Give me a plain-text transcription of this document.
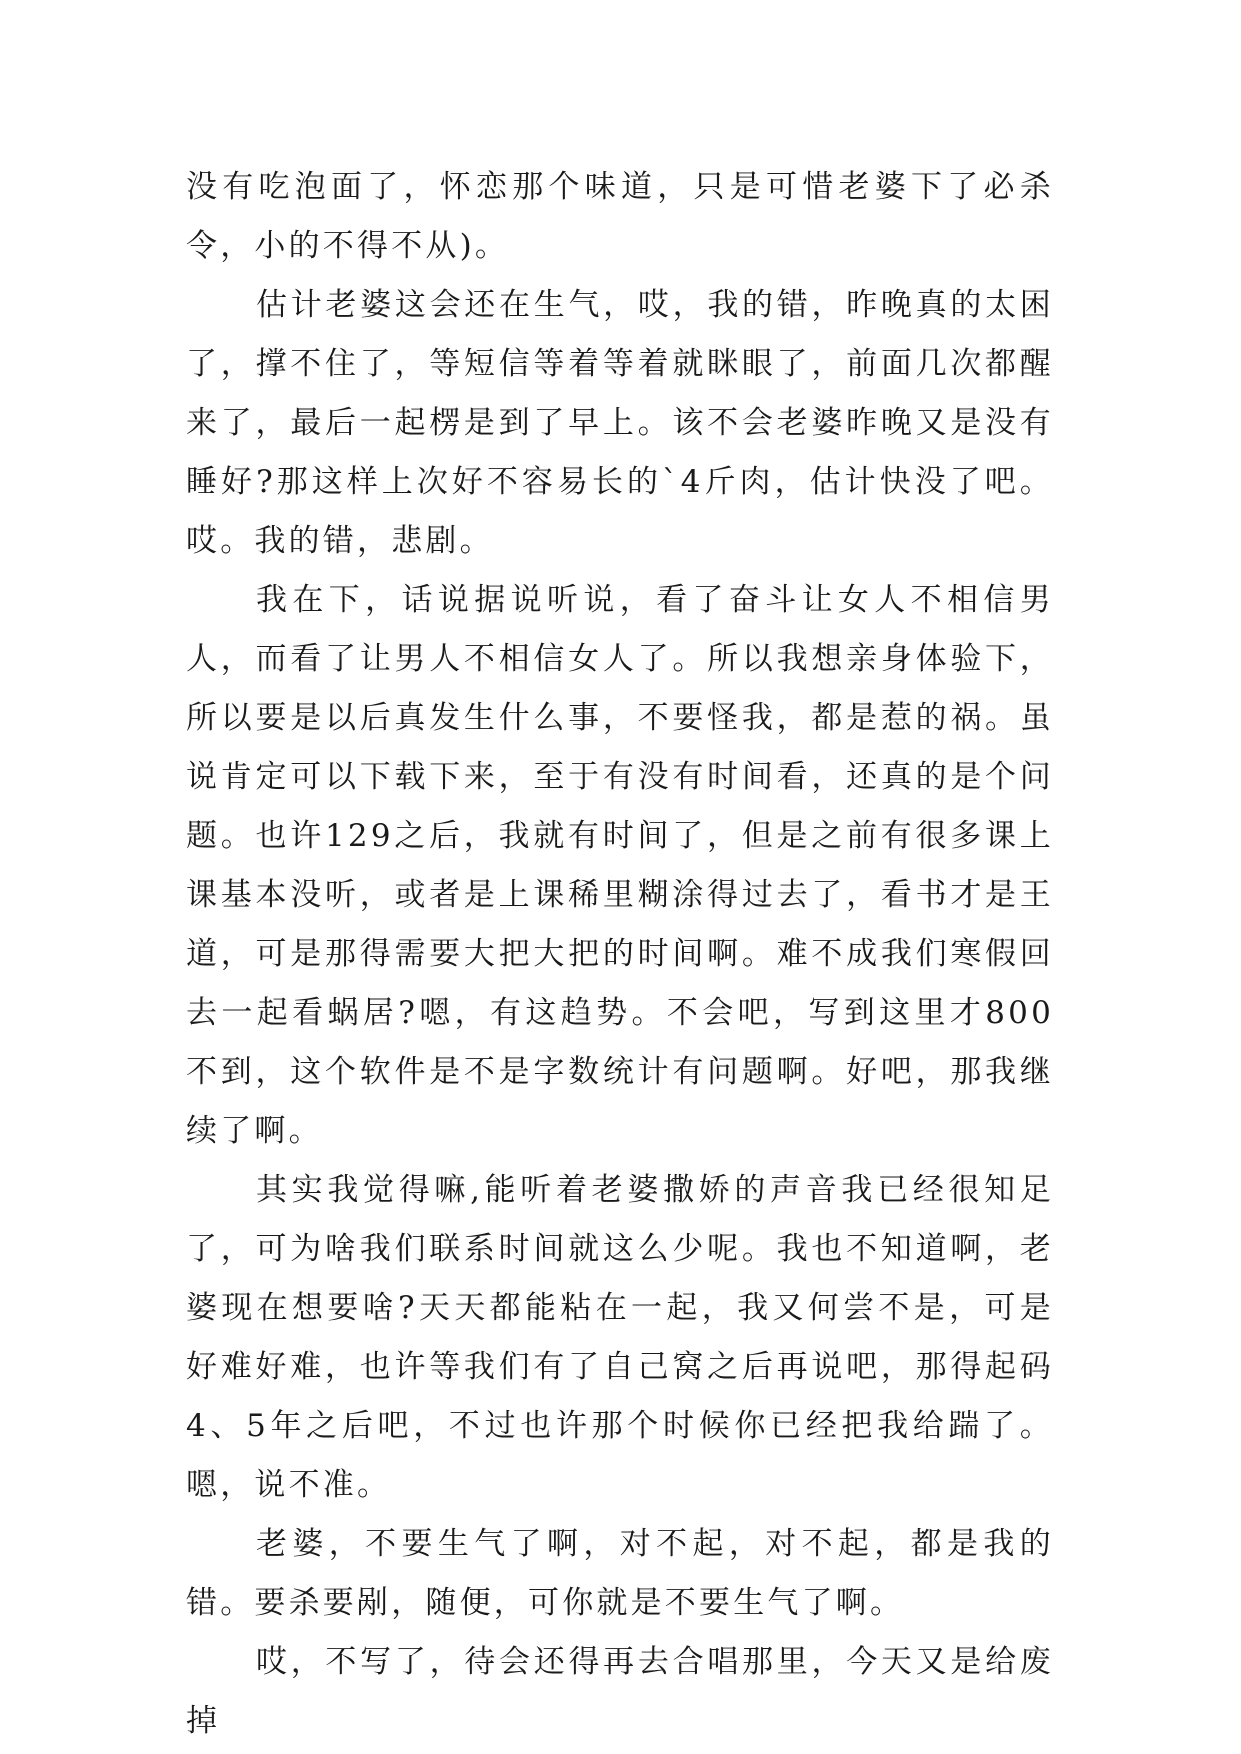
没有吃泡面了，怀恋那个味道，只是可惜老婆下了必杀令，小的不得不从)。

估计老婆这会还在生气，哎，我的错，昨晚真的太困了，撑不住了，等短信等着等着就眯眼了，前面几次都醒来了，最后一起楞是到了早上。该不会老婆昨晚又是没有睡好?那这样上次好不容易长的`4斤肉，估计快没了吧。哎。我的错，悲剧。

我在下，话说据说听说，看了奋斗让女人不相信男人，而看了让男人不相信女人了。所以我想亲身体验下，所以要是以后真发生什么事，不要怪我，都是惹的祸。虽说肯定可以下载下来，至于有没有时间看，还真的是个问题。也许129之后，我就有时间了，但是之前有很多课上课基本没听，或者是上课稀里糊涂得过去了，看书才是王道，可是那得需要大把大把的时间啊。难不成我们寒假回去一起看蜗居?嗯，有这趋势。不会吧，写到这里才800不到，这个软件是不是字数统计有问题啊。好吧，那我继续了啊。

其实我觉得嘛,能听着老婆撒娇的声音我已经很知足了，可为啥我们联系时间就这么少呢。我也不知道啊，老婆现在想要啥?天天都能粘在一起，我又何尝不是，可是好难好难，也许等我们有了自己窝之后再说吧，那得起码4、5年之后吧，不过也许那个时候你已经把我给踹了。嗯，说不准。

老婆，不要生气了啊，对不起，对不起，都是我的错。要杀要剐，随便，可你就是不要生气了啊。

哎，不写了，待会还得再去合唱那里，今天又是给废掉
